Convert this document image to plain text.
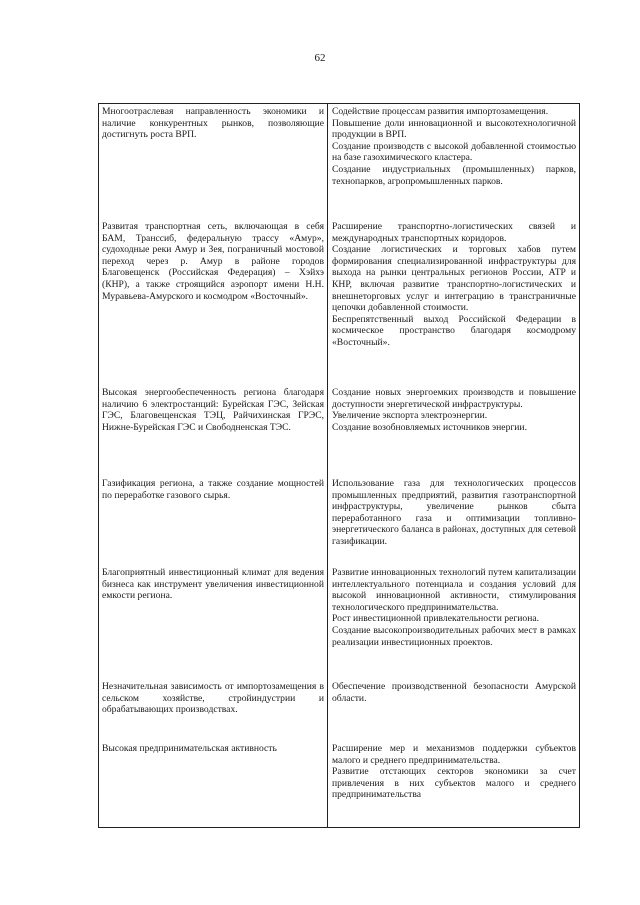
62
Многоотраслевая направленность экономики и наличие конкурентных рынков, позволяющие достигнуть роста ВРП.

Содействие процессам развития импортозамещения.

Повышение доли инновационной и высокотехнологичной продукции в ВРП.

Создание производств с высокой добавленной стоимостью на базе газохимического кластера.

Создание индустриальных (промышленных) парков, технопарков, агропромышленных парков.

Развитая транспортная сеть, включающая в себя БАМ, Транссиб, федеральную трассу «Амур», судоходные реки Амур и Зея, пограничный мостовой переход через р. Амур в районе городов Благовещенск (Российская Федерация) – Хэйхэ (КНР), а также строящийся аэропорт имени Н.Н. Муравьева-Амурского и космодром «Восточный».

Расширение транспортно-логистических связей и международных транспортных коридоров.

Создание логистических и торговых хабов путем формирования специализированной инфраструктуры для выхода на рынки центральных регионов России, АТР и КНР, включая развитие транспортно-логистических и внешнеторговых услуг и интеграцию в трансграничные цепочки добавленной стоимости.

Беспрепятственный выход Российской Федерации в космическое пространство благодаря космодрому «Восточный».

Высокая энергообеспеченность региона благодаря наличию 6 электростанций: Бурейская ГЭС, Зейская ГЭС, Благовещенская ТЭЦ, Райчихинская ГРЭС, Нижне-Бурейская ГЭС и Свободненская ТЭС.

Создание новых энергоемких производств и повышение доступности энергетической инфраструктуры.

Увеличение экспорта электроэнергии.

Создание возобновляемых источников энергии.

Газификация региона, а также создание мощностей по переработке газового сырья.

Использование газа для технологических процессов промышленных предприятий, развития газотранспортной инфраструктуры, увеличение рынков сбыта переработанного газа и оптимизации топливно-энергетического баланса в районах, доступных для сетевой газификации.

Благоприятный инвестиционный климат для ведения бизнеса как инструмент увеличения инвестиционной емкости региона.

Развитие инновационных технологий путем капитализации интеллектуального потенциала и создания условий для высокой инновационной активности, стимулирования технологического предпринимательства.

Рост инвестиционной привлекательности региона.

Создание высокопроизводительных рабочих мест в рамках реализации инвестиционных проектов.

Незначительная зависимость от импортозамещения в сельском хозяйстве, стройиндустрии и обрабатывающих производствах.

Обеспечение производственной безопасности Амурской области.

Высокая предпринимательская активность	Расширение мер и механизмов поддержки субъектов малого и среднего предпринимательства.

Развитие отстающих секторов экономики за счет привлечения в них субъектов малого и среднего предпринимательства
